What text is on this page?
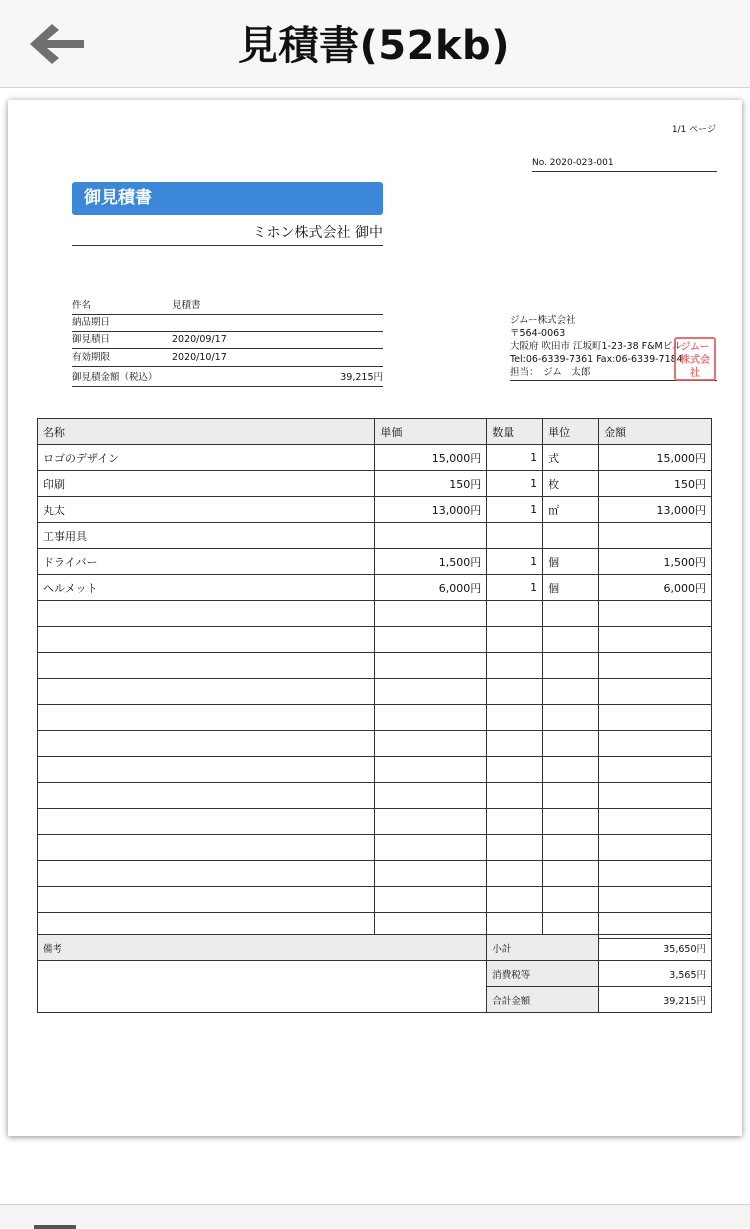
見積書(52kb)
1/1 ページ
No. 2020-023-001
御見積書
ミホン株式会社 御中
件名	見積書
納品期日
御見積日	2020/09/17
有効期限	2020/10/17
御見積金額（税込）	39,215円
ジムー株式会社
〒564-0063
大阪府 吹田市 江坂町1-23-38 F&Mビル
Tel:06-6339-7361 Fax:06-6339-7184
担当：　ジム　太郎
ジムー株式会社
名称	単価	数量	単位	金額
ロゴのデザイン	15,000円	1	式	15,000円
印刷	150円	1	枚	150円
丸太	13,000円	1	㎡	13,000円
工事用具				
ドライバー	1,500円	1	個	1,500円
ヘルメット	6,000円	1	個	6,000円

備考	小計	35,650円
	消費税等	3,565円
	合計金額	39,215円
